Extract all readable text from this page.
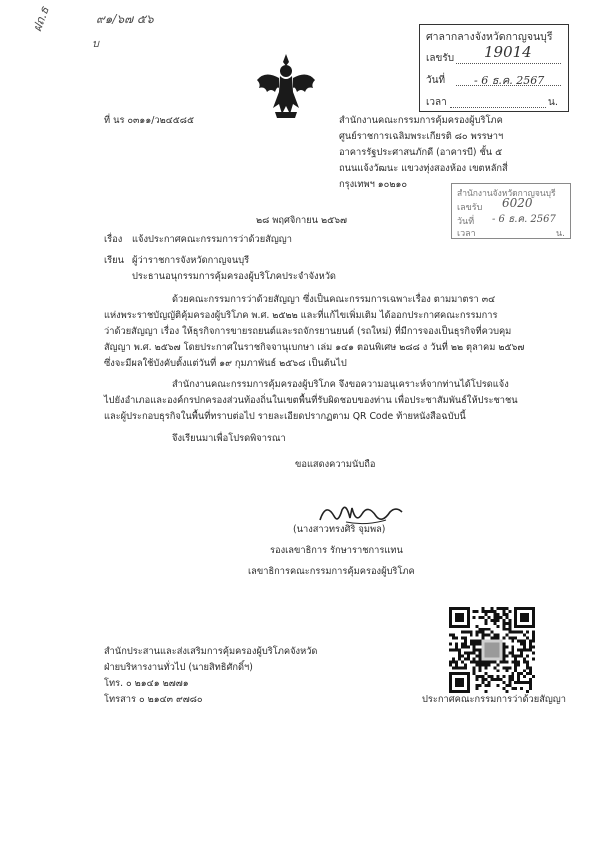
ฝถ.ธ	๙๑/๖๗ ๕๖
บ	ศาลากลางจังหวัดกาญจนบุรี
เลขรับ 19014
วันที่	- 6 ธ.ค. 2567
เวลา	น.
ที่ นร ๐๓๑๑/ว๒๔๕๘๕	สำนักงานคณะกรรมการคุ้มครองผู้บริโภค
ศูนย์ราชการเฉลิมพระเกียรติ ๘๐ พรรษาฯ
อาคารรัฐประศาสนภักดี (อาคารบี) ชั้น ๕
ถนนแจ้งวัฒนะ แขวงทุ่งสองห้อง เขตหลักสี่
กรุงเทพฯ ๑๐๒๑๐
สำนักงานจังหวัดกาญจนบุรี
เลขรับ 6020
วันที่ - 6 ธ.ค. 2567
เวลา	น.
๒๘ พฤศจิกายน ๒๕๖๗
เรื่อง แจ้งประกาศคณะกรรมการว่าด้วยสัญญา
เรียน ผู้ว่าราชการจังหวัดกาญจนบุรี
ประธานอนุกรรมการคุ้มครองผู้บริโภคประจำจังหวัด
ด้วยคณะกรรมการว่าด้วยสัญญา ซึ่งเป็นคณะกรรมการเฉพาะเรื่อง ตามมาตรา ๓๔
แห่งพระราชบัญญัติคุ้มครองผู้บริโภค พ.ศ. ๒๕๒๒ และที่แก้ไขเพิ่มเติม ได้ออกประกาศคณะกรรมการ
ว่าด้วยสัญญา เรื่อง ให้ธุรกิจการขายรถยนต์และรถจักรยานยนต์ (รถใหม่) ที่มีการจองเป็นธุรกิจที่ควบคุม
สัญญา พ.ศ. ๒๕๖๗ โดยประกาศในราชกิจจานุเบกษา เล่ม ๑๔๑ ตอนพิเศษ ๒๘๘ ง วันที่ ๒๒ ตุลาคม ๒๕๖๗
ซึ่งจะมีผลใช้บังคับตั้งแต่วันที่ ๑๙ กุมภาพันธ์ ๒๕๖๘ เป็นต้นไป
สำนักงานคณะกรรมการคุ้มครองผู้บริโภค จึงขอความอนุเคราะห์จากท่านได้โปรดแจ้ง
ไปยังอำเภอและองค์กรปกครองส่วนท้องถิ่นในเขตพื้นที่รับผิดชอบของท่าน เพื่อประชาสัมพันธ์ให้ประชาชน
และผู้ประกอบธุรกิจในพื้นที่ทราบต่อไป รายละเอียดปรากฏตาม QR Code ท้ายหนังสือฉบับนี้
จึงเรียนมาเพื่อโปรดพิจารณา
ขอแสดงความนับถือ
(นางสาวทรงศิริ จุมพล)
รองเลขาธิการ รักษาราชการแทน
เลขาธิการคณะกรรมการคุ้มครองผู้บริโภค
สำนักประสานและส่งเสริมการคุ้มครองผู้บริโภคจังหวัด
ฝ่ายบริหารงานทั่วไป (นายสิทธิศักดิ์ฯ)
โทร. ๐ ๒๑๔๑ ๒๗๗๑
โทรสาร ๐ ๒๑๔๓ ๙๗๘๐	ประกาศคณะกรรมการว่าด้วยสัญญา
